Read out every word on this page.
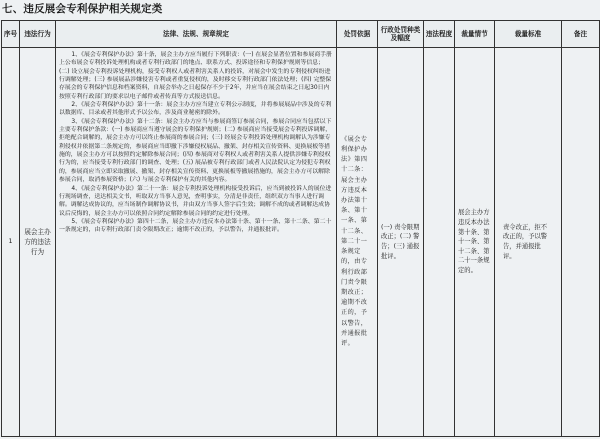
七、违反展会专利保护相关规定类
序号	违法行为	法律、法规、规章规定	处罚依据	行政处罚种类及幅度	违法程度	裁量情节	裁量标准	备注
1	展会主办方的违法行为	1、《展会专利保护办法》第十条，展会主办方应当履行下列职责：(一) 在展会显著位置和参展商手册上公布展会专利投诉处理机构或者专利行政部门的地点、联系方式、投诉途径和专利保护规则等信息；(二) 设立展会专利投诉处理机构，接受专利权人或者利害关系人的投诉，对展会中发生的专利侵权纠纷进行调解处理；(三) 参展展品涉嫌侵害专利或者重复侵权的，及时移交专利行政部门依法处理；(四) 完整保存展会的专利保护信息和档案资料，自展会举办之日起保存不少于2年，并应当在展会结束之日起30日内按照专利行政部门的要求以电子邮件或者传真等方式报送信息。

2、《展会专利保护办法》第十一条：展会主办方应当建立专利公示制度，并将参展展品中涉及的专利以数据库、目录或者其他形式予以公布，涉及商业秘密的除外。

3、《展会专利保护办法》第十二条：展会主办方应当与参展商签订参展合同，参展合同应当包括以下主要专利保护条款：(一) 参展商应当遵守展会的专利保护规则；(二) 参展商应当接受展会专利投诉调解，拒绝配合调解的，展会主办方可以终止参展商的参展合同；(三) 经展会专利投诉处理机构调解认为涉嫌专利侵权并依据第二条规定的，参展商应当即撤下涉嫌侵权展品、撤架、封存相关宣传资料、更换展板等措施的，展会主办方可以按照约定解除参展合同；(四) 参展商对专利权人或者利害关系人提供涉嫌专利侵权行为的，应当接受专利行政部门的调查、处理；(五) 展品被专利行政部门或者人民法院认定为侵犯专利权的，参展商应当立即采取撤展、撤架、封存相关宣传资料、更换展板等撤展措施的，展会主办方可以解除参展合同，取消参展资格；(六) 与展会专利保护有关的其他内容。

4、《展会专利保护办法》第二十一条：展会专利投诉处理机构接受投诉后，应当到被投诉人的展位进行现场调查，送达相关文书，听取双方当事人意见，查明事实，分清是非责任，组织双方当事人进行调解。调解达成协议的，应当场制作调解协议书，并由双方当事人签字后生效；调解不成的或者调解达成协议后反悔的，展会主办方可以依照合同约定解除参展合同的约定进行处理。

5、《展会专利保护办法》第四十二条，展会主办方违反本办法第十条、第十一条、第十二条、第二十一条规定的，由专利行政部门责令限期改正；逾期不改正的，予以警告，并通报批评。	《展会专利保护办法》第四十二条：展会主办方违反本办法第十条、第十一条、第十二条、第二十一条规定的，由专利行政部门责令限期改正；逾期不改正的，予以警告，并通报批评。	(一) 责令限期改正；(二) 警告；(三) 通报批评。		展会主办方违反本办法第十条、第十一条、第十二条、第二十一条规定的。	责令改正，拒不改正的，予以警告，并通报批评。	
